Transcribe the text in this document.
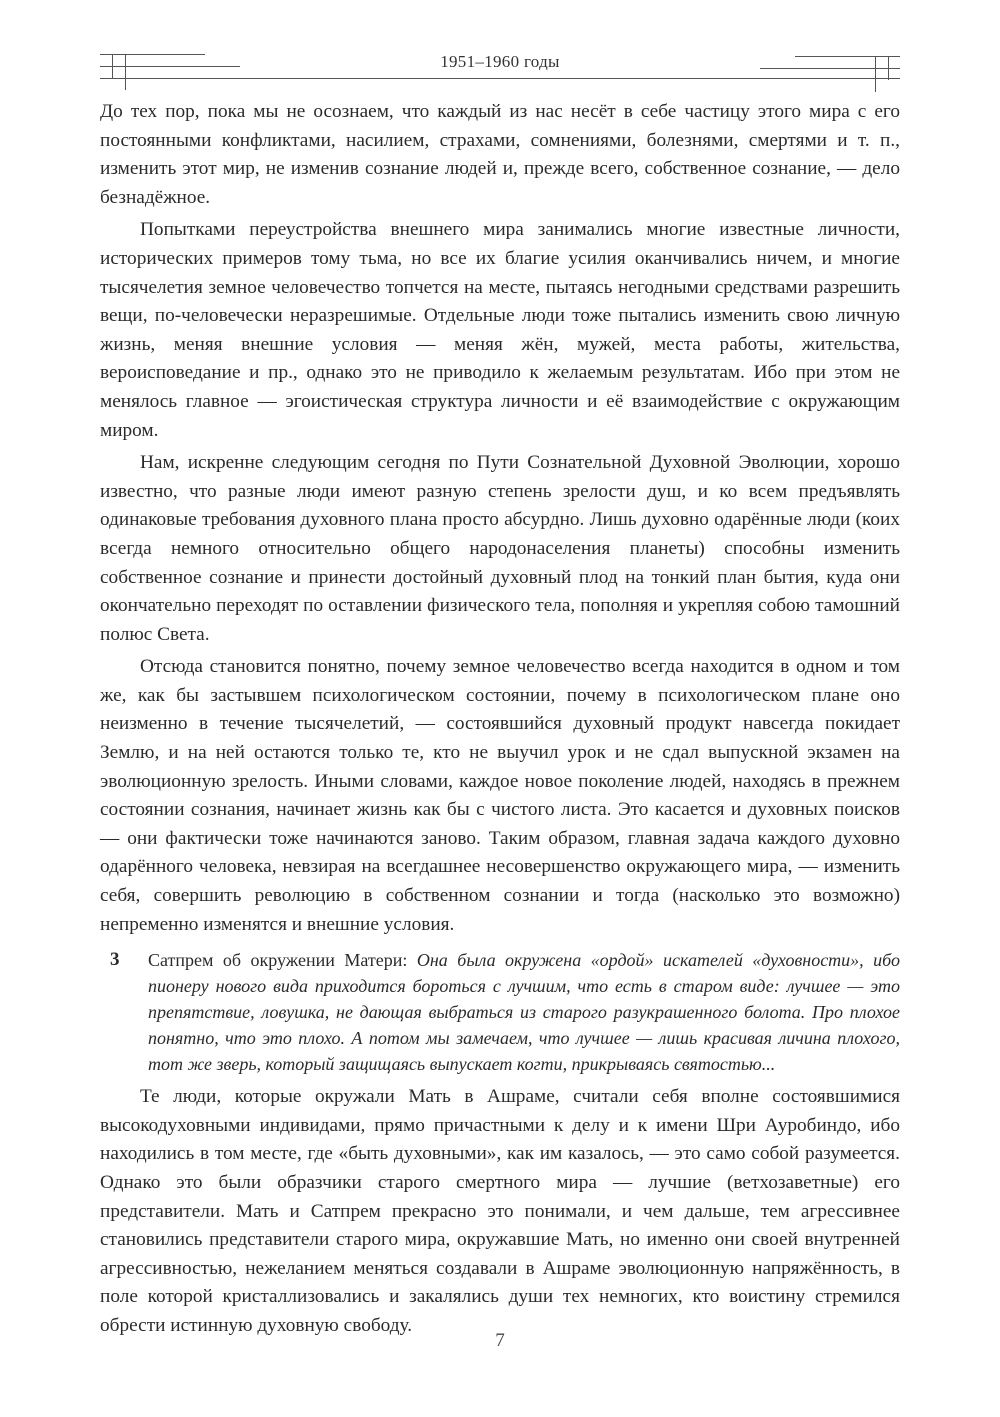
1951–1960 годы

До тех пор, пока мы не осознаем, что каждый из нас несёт в себе частицу этого мира с его постоянными конфликтами, насилием, страхами, сомнениями, болезнями, смертями и т. п., изменить этот мир, не изменив сознание людей и, прежде всего, собственное сознание, — дело безнадёжное.

Попытками переустройства внешнего мира занимались многие известные личности, исторических примеров тому тьма, но все их благие усилия оканчивались ничем, и многие тысячелетия земное человечество топчется на месте, пытаясь негодными средствами разрешить вещи, по-человечески неразрешимые. Отдельные люди тоже пытались изменить свою личную жизнь, меняя внешние условия — меняя жён, мужей, места работы, жительства, вероисповедание и пр., однако это не приводило к желаемым результатам. Ибо при этом не менялось главное — эгоистическая структура личности и её взаимодействие с окружающим миром.

Нам, искренне следующим сегодня по Пути Сознательной Духовной Эволюции, хорошо известно, что разные люди имеют разную степень зрелости душ, и ко всем предъявлять одинаковые требования духовного плана просто абсурдно. Лишь духовно одарённые люди (коих всегда немного относительно общего народонаселения планеты) способны изменить собственное сознание и принести достойный духовный плод на тонкий план бытия, куда они окончательно переходят по оставлении физического тела, пополняя и укрепляя собою тамошний полюс Света.

Отсюда становится понятно, почему земное человечество всегда находится в одном и том же, как бы застывшем психологическом состоянии, почему в психологическом плане оно неизменно в течение тысячелетий, — состоявшийся духовный продукт навсегда покидает Землю, и на ней остаются только те, кто не выучил урок и не сдал выпускной экзамен на эволюционную зрелость. Иными словами, каждое новое поколение людей, находясь в прежнем состоянии сознания, начинает жизнь как бы с чистого листа. Это касается и духовных поисков — они фактически тоже начинаются заново. Таким образом, главная задача каждого духовно одарённого человека, невзирая на всегдашнее несовершенство окружающего мира, — изменить себя, совершить революцию в собственном сознании и тогда (насколько это возможно) непременно изменятся и внешние условия.

3 Сатпрем об окружении Матери: Она была окружена «ордой» искателей «духовности», ибо пионеру нового вида приходится бороться с лучшим, что есть в старом виде: лучшее — это препятствие, ловушка, не дающая выбраться из старого разукрашенного болота. Про плохое понятно, что это плохо. А потом мы замечаем, что лучшее — лишь красивая личина плохого, тот же зверь, который защищаясь выпускает когти, прикрываясь святостью...

Те люди, которые окружали Мать в Ашраме, считали себя вполне состоявшимися высокодуховными индивидами, прямо причастными к делу и к имени Шри Ауробиндо, ибо находились в том месте, где «быть духовными», как им казалось, — это само собой разумеется. Однако это были образчики старого смертного мира — лучшие (ветхозаветные) его представители. Мать и Сатпрем прекрасно это понимали, и чем дальше, тем агрессивнее становились представители старого мира, окружавшие Мать, но именно они своей внутренней агрессивностью, нежеланием меняться создавали в Ашраме эволюционную напряжённость, в поле которой кристаллизовались и закалялись души тех немногих, кто воистину стремился обрести истинную духовную свободу.

7
